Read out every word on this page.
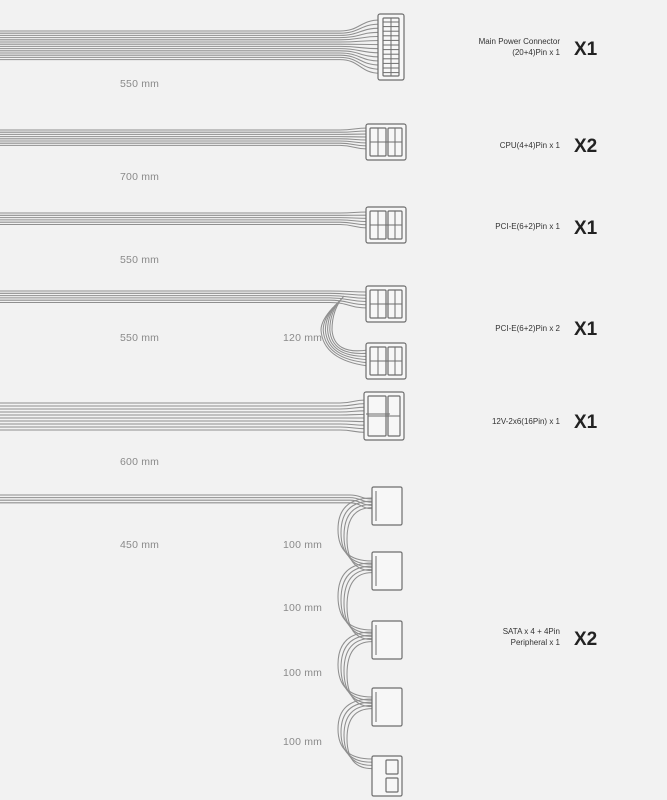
550 mm
Main Power Connector
(20+4)Pin x 1 X1
700 mm
CPU(4+4)Pin x 1 X2
550 mm
PCI-E(6+2)Pin x 1 X1
550 mm	120 mm
PCI-E(6+2)Pin x 2 X1
600 mm
12V-2x6(16Pin) x 1 X1
450 mm	100 mm
100 mm
100 mm
100 mm
SATA x 4 + 4Pin
Peripheral x 1 X2
